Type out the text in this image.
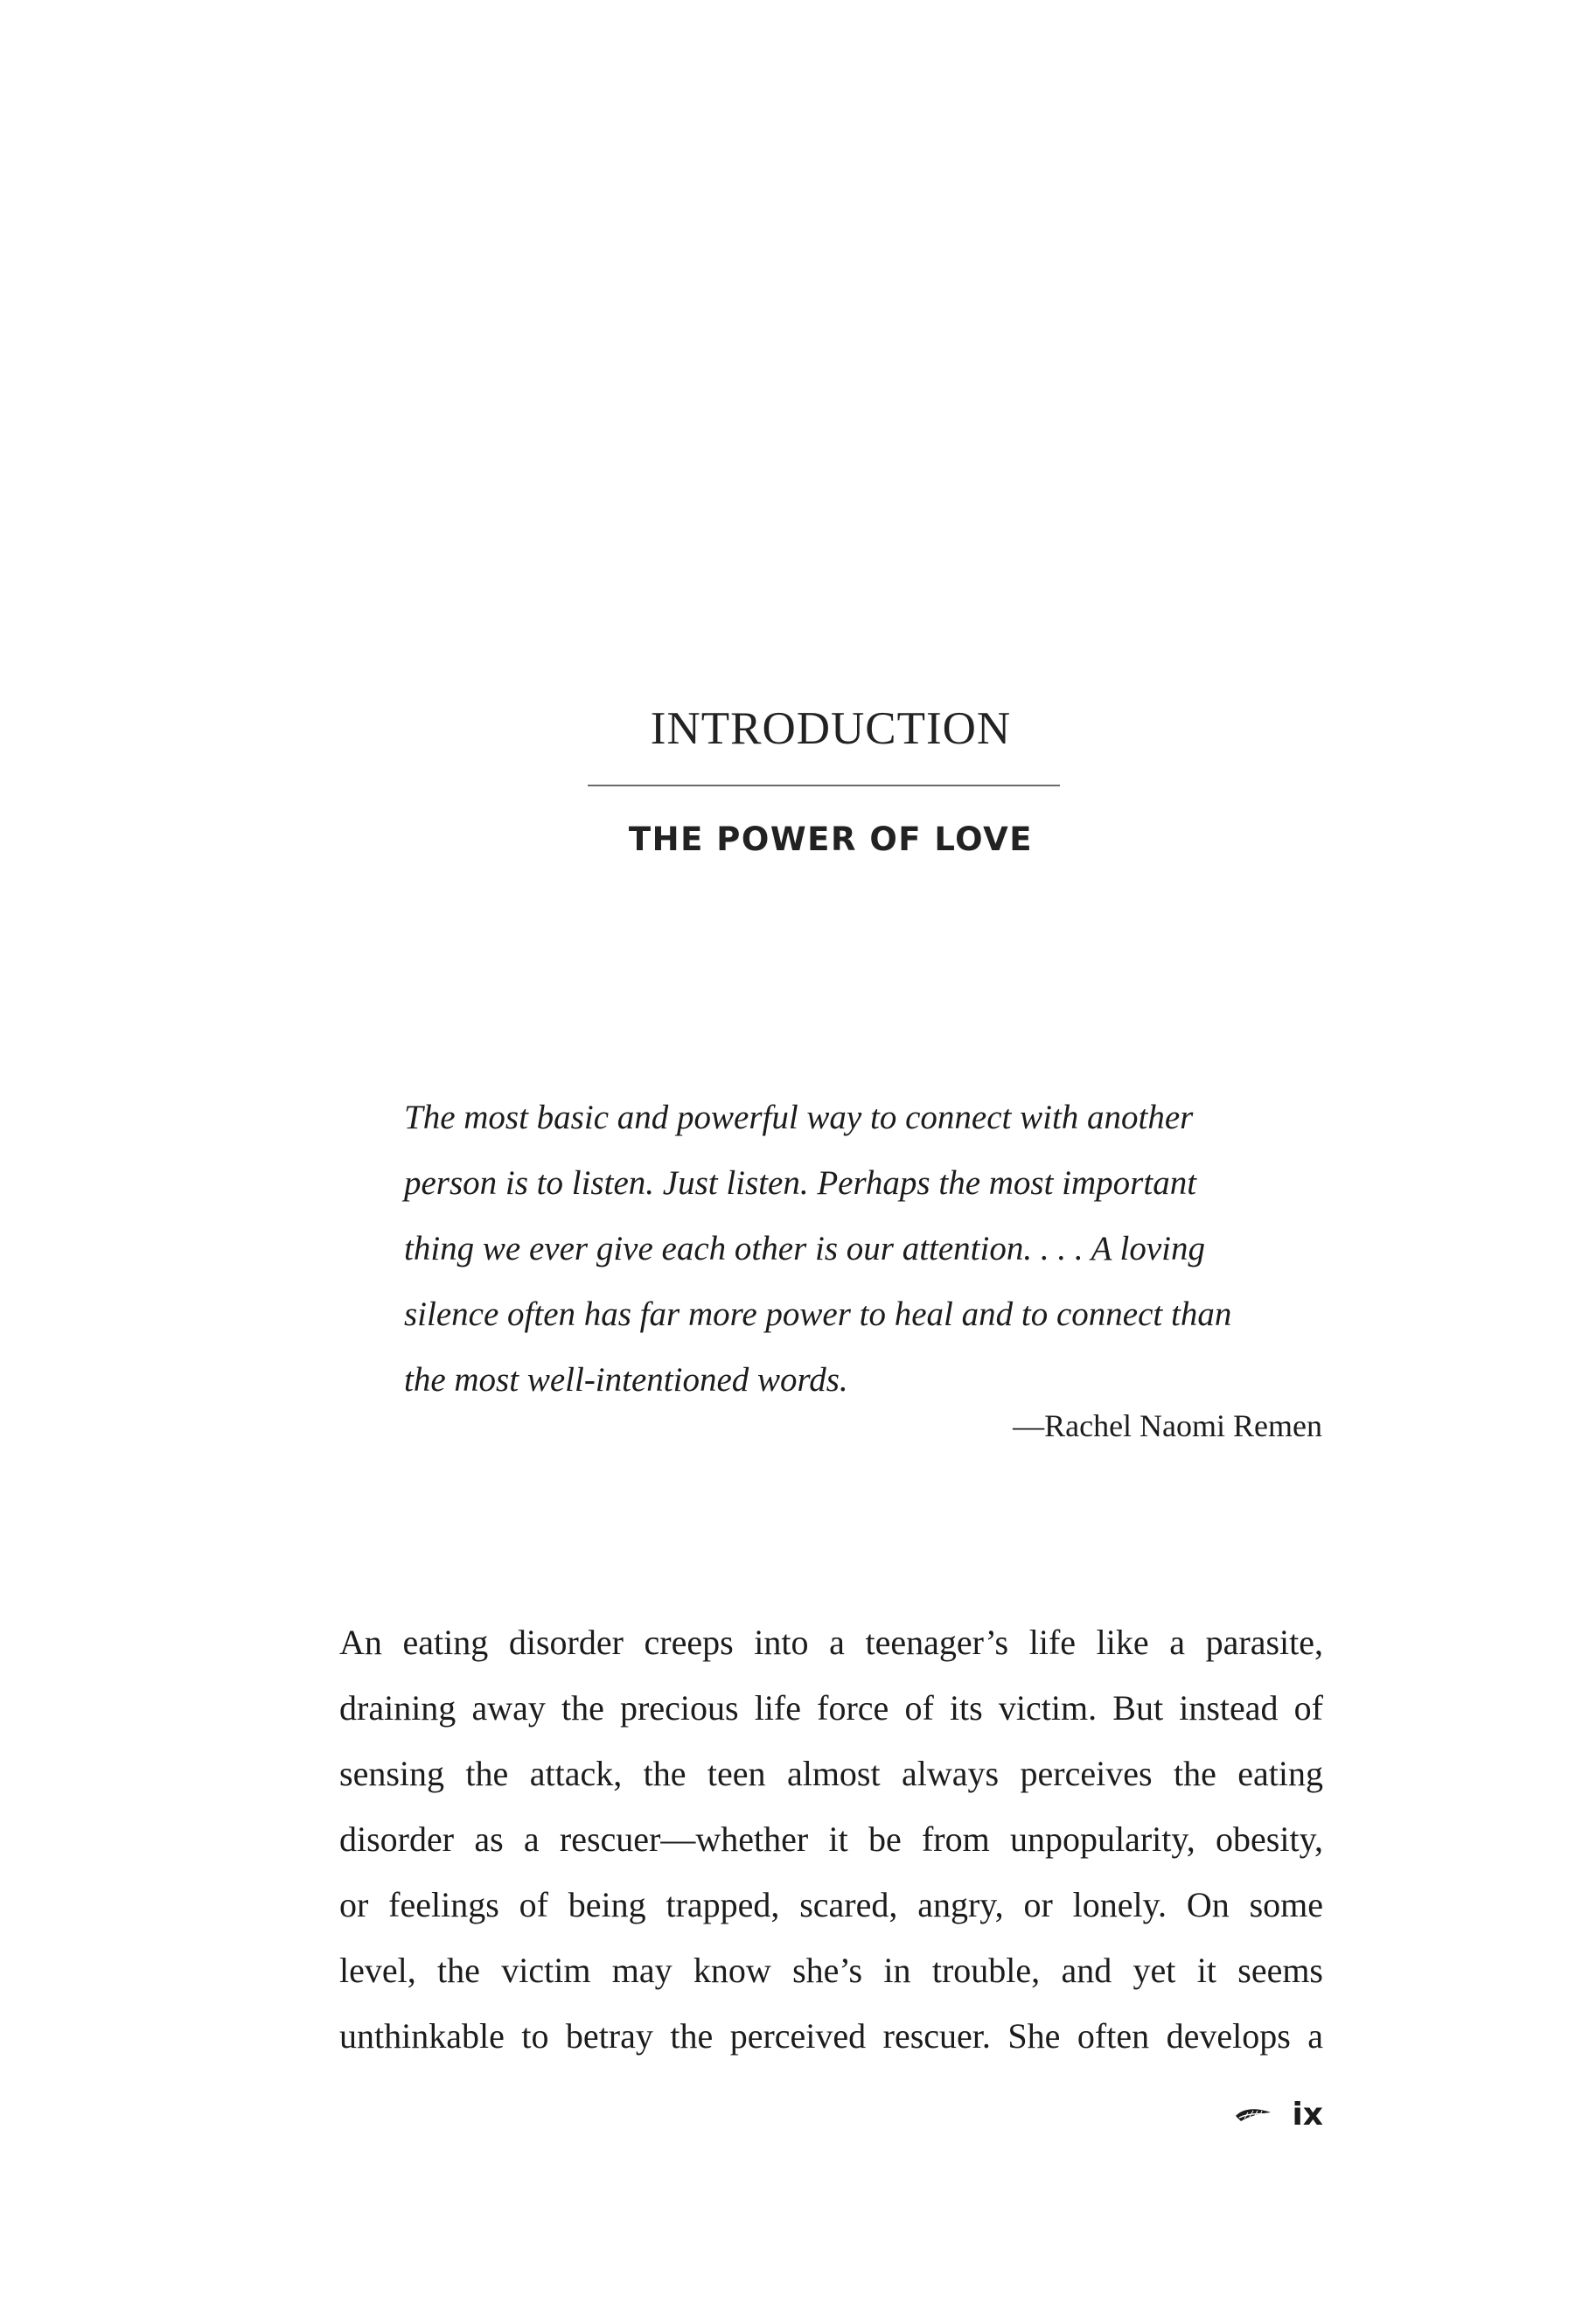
INTRODUCTION
THE POWER OF LOVE
The most basic and powerful way to connect with another
person is to listen. Just listen. Perhaps the most important
thing we ever give each other is our attention. . . . A loving
silence often has far more power to heal and to connect than
the most well-intentioned words.
—Rachel Naomi Remen
An eating disorder creeps into a teenager’s life like a parasite,
draining away the precious life force of its victim. But instead of
sensing the attack, the teen almost always perceives the eating
disorder as a rescuer—whether it be from unpopularity, obesity,
or feelings of being trapped, scared, angry, or lonely. On some
level, the victim may know she’s in trouble, and yet it seems
unthinkable to betray the perceived rescuer. She often develops a
ix
